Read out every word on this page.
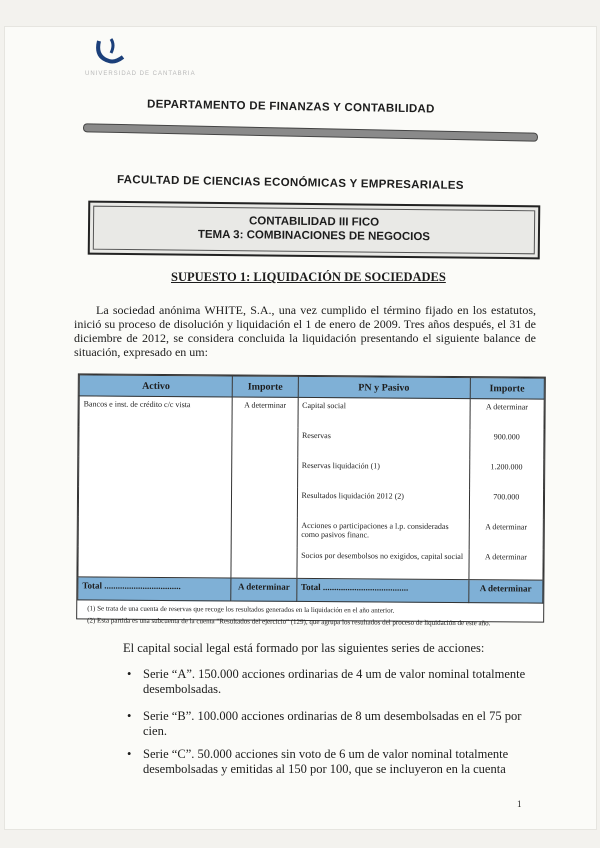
UNIVERSIDAD DE CANTABRIA
DEPARTAMENTO DE FINANZAS Y CONTABILIDAD
FACULTAD DE CIENCIAS ECONÓMICAS Y EMPRESARIALES
CONTABILIDAD III FICO
TEMA 3: COMBINACIONES DE NEGOCIOS
SUPUESTO 1: LIQUIDACIÓN DE SOCIEDADES
La sociedad anónima WHITE, S.A., una vez cumplido el término fijado en los estatutos, inició su proceso de disolución y liquidación el 1 de enero de 2009. Tres años después, el 31 de diciembre de 2012, se considera concluida la liquidación presentando el siguiente balance de situación, expresado en um:
Activo	Importe	PN y Pasivo	Importe
Bancos e inst. de crédito c/c vista	A determinar	Capital social	A determinar
		Reservas	900.000
		Reservas liquidación (1)	1.200.000
		Resultados liquidación 2012 (2)	700.000
		Acciones o participaciones a l.p. consideradas como pasivos financ.	A determinar
		Socios por desembolsos no exigidos, capital social	A determinar
Total ..................................	A determinar	Total ......................................	A determinar
(1) Se trata de una cuenta de reservas que recoge los resultados generados en la liquidación en el año anterior.
(2) Esta partida es una subcuenta de la cuenta "Resultados del ejercicio" (129), que agrupa los resultados del proceso de liquidación de este año.
El capital social legal está formado por las siguientes series de acciones:
• Serie “A”. 150.000 acciones ordinarias de 4 um de valor nominal totalmente desembolsadas.
• Serie “B”. 100.000 acciones ordinarias de 8 um desembolsadas en el 75 por cien.
• Serie “C”. 50.000 acciones sin voto de 6 um de valor nominal totalmente desembolsadas y emitidas al 150 por 100, que se incluyeron en la cuenta
1
